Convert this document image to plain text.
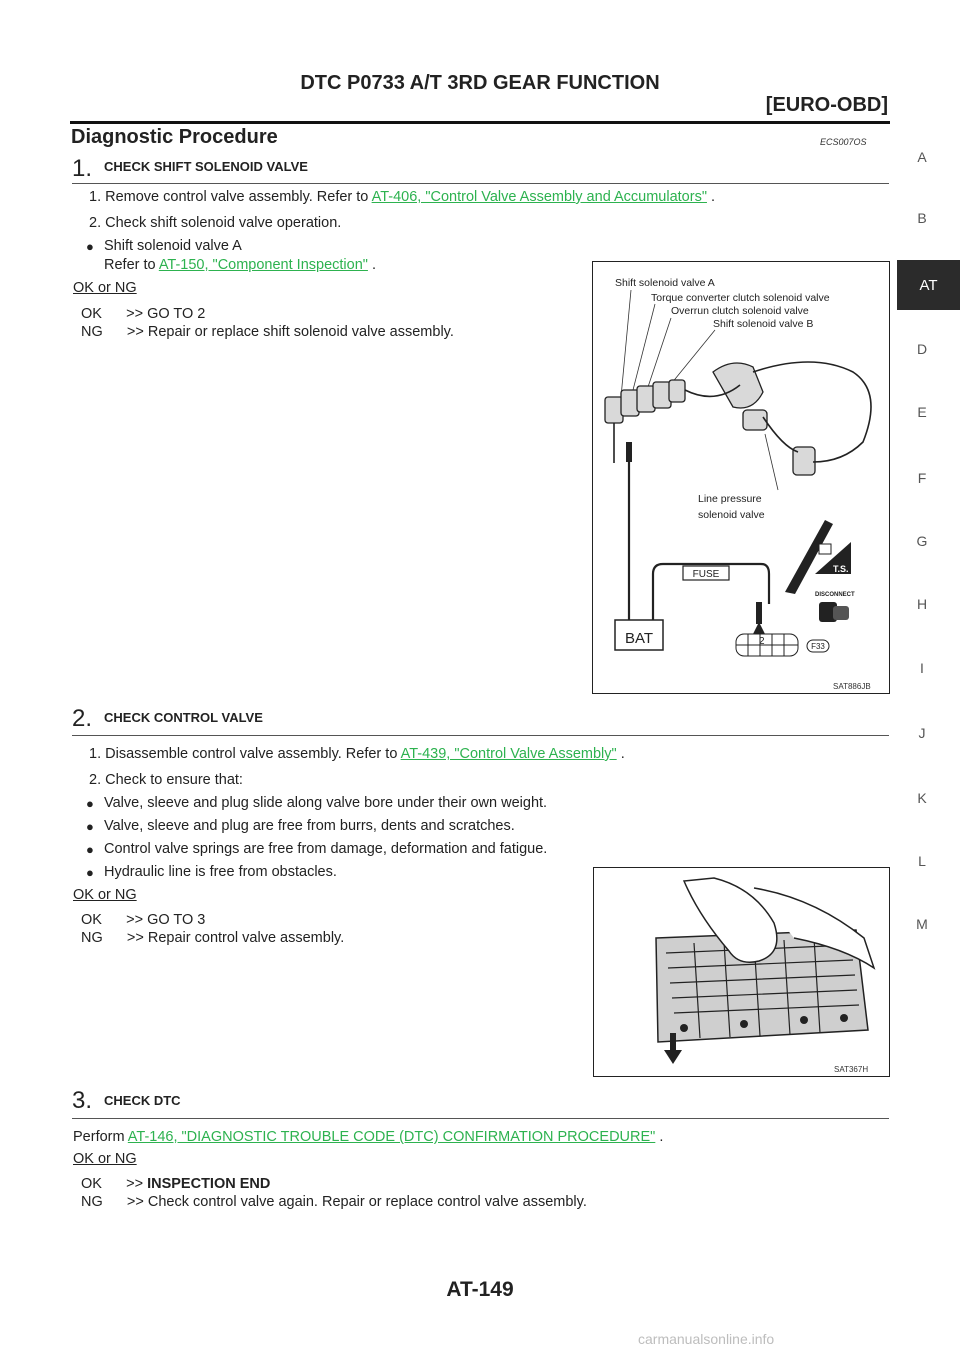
DTC P0733 A/T 3RD GEAR FUNCTION
[EURO-OBD]
Diagnostic Procedure	ECS007OS
A
B
AT
D
E
F
G
H
I
J
K
L
M
1. CHECK SHIFT SOLENOID VALVE
1. Remove control valve assembly. Refer to AT-406, "Control Valve Assembly and Accumulators" .
2. Check shift solenoid valve operation.
● Shift solenoid valve A
Refer to AT-150, "Component Inspection" .
OK or NG
OK      >> GO TO 2
NG      >> Repair or replace shift solenoid valve assembly.
Shift solenoid valve A
Torque converter clutch solenoid valve
Overrun clutch solenoid valve
Shift solenoid valve B
Line pressure
solenoid valve
FUSE
BAT	2
T.S.
DISCONNECT
F33
SAT886JB
2. CHECK CONTROL VALVE
1. Disassemble control valve assembly. Refer to AT-439, "Control Valve Assembly" .
2. Check to ensure that:
● Valve, sleeve and plug slide along valve bore under their own weight.
● Valve, sleeve and plug are free from burrs, dents and scratches.
● Control valve springs are free from damage, deformation and fatigue.
● Hydraulic line is free from obstacles.
OK or NG
OK      >> GO TO 3
NG      >> Repair control valve assembly.
SAT367H
3. CHECK DTC
Perform AT-146, "DIAGNOSTIC TROUBLE CODE (DTC) CONFIRMATION PROCEDURE" .
OK or NG
OK      >> INSPECTION END
NG      >> Check control valve again. Repair or replace control valve assembly.
AT-149
carmanualsonline.info
